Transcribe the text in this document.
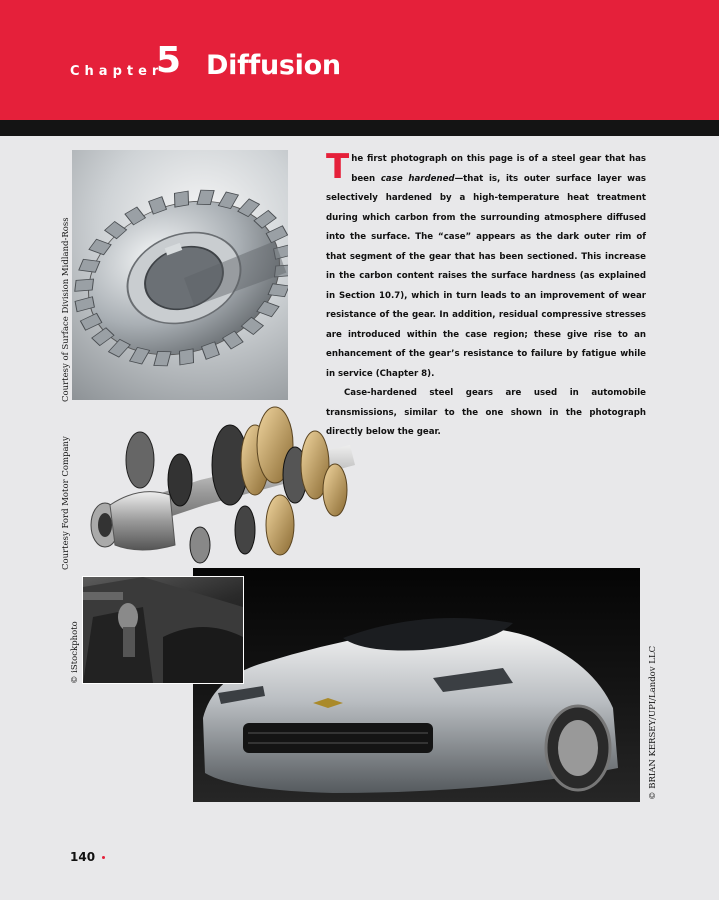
Chapter
5 Diffusion

The first photograph on this page is of a steel gear that has been case hardened—that is, its outer surface layer was selectively hardened by a high-temperature heat treatment during which carbon from the surrounding atmosphere diffused into the surface. The “case” appears as the dark outer rim of that segment of the gear that has been sectioned. This increase in the carbon content raises the surface hardness (as explained in Section 10.7), which in turn leads to an improvement of wear resistance of the gear. In addition, residual compressive stresses are introduced within the case region; these give rise to an enhancement of the gear’s resistance to failure by fatigue while in service (Chapter 8).

Case-hardened steel gears are used in automobile transmissions, similar to the one shown in the photograph directly below the gear.

Courtesy of Surface Division Midland-Ross
Courtesy Ford Motor Company
© iStockphoto	© BRIAN KERSEY/UPI/Landov LLC
140
